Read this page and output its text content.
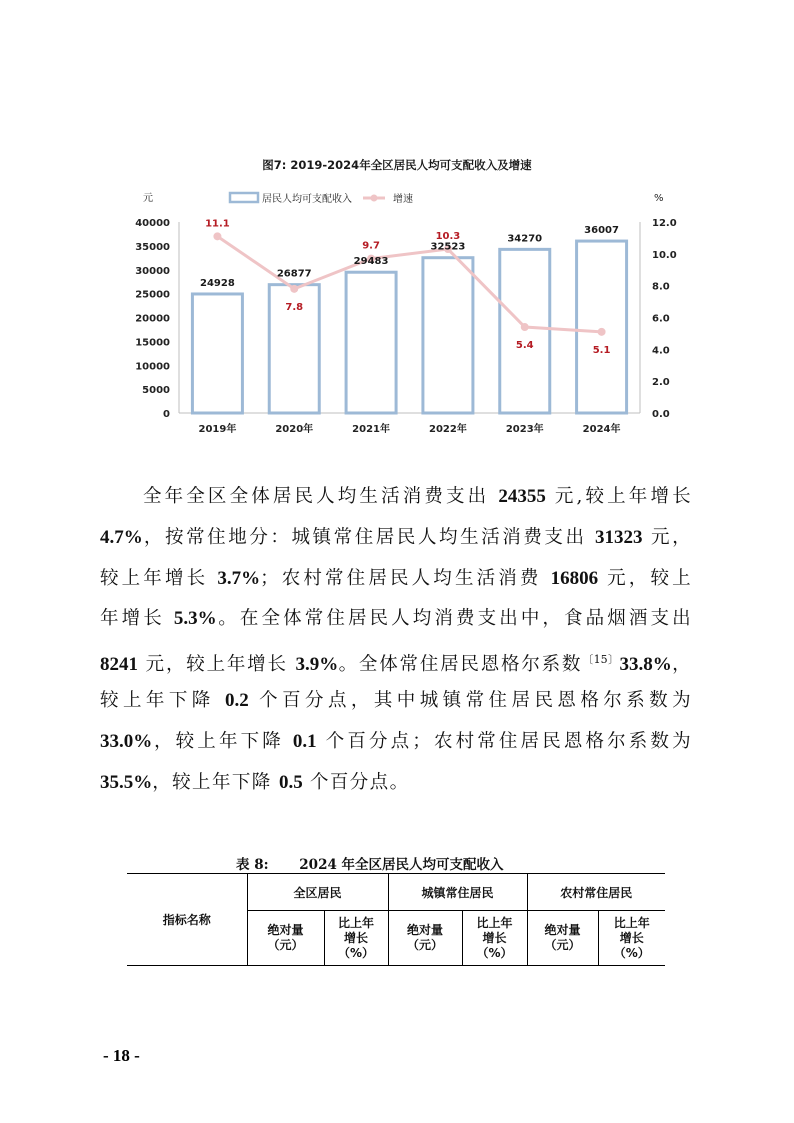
图7: 2019-2024年全区居民人均可支配收入及增速
0
5000
10000
15000
20000
25000
30000
35000
40000
0.0
2.0
4.0
6.0
8.0
10.0
12.0
元	%
居民人均可支配收入	增速
24928
26877
29483
32523
34270
36007
11.1
7.8
9.7
10.3
5.4	5.1
2019年	2020年	2021年	2022年	2023年	2024年

全年全区全体居民人均生活消费支出 24355 元,较上年增长

4.7%，按常住地分：城镇常住居民人均生活消费支出 31323 元，

较上年增长 3.7%；农村常住居民人均生活消费 16806 元，较上

年增长 5.3%。在全体常住居民人均消费支出中，食品烟酒支出

8241 元，较上年增长 3.9%。全体常住居民恩格尔系数$^{〔15〕}$33.8%，

较上年下降 0.2 个百分点，其中城镇常住居民恩格尔系数为

33.0%，较上年下降 0.1 个百分点；农村常住居民恩格尔系数为

35.5%，较上年下降 0.5 个百分点。

表 8: 2024 年全区居民人均可支配收入
指标名称	全区居民		城镇常住居民		农村常住居民	
	绝对量
（元）	比上年
增长
（%）	绝对量
（元）	比上年
增长
（%）	绝对量
（元）	比上年
增长
（%）
- 18 -
